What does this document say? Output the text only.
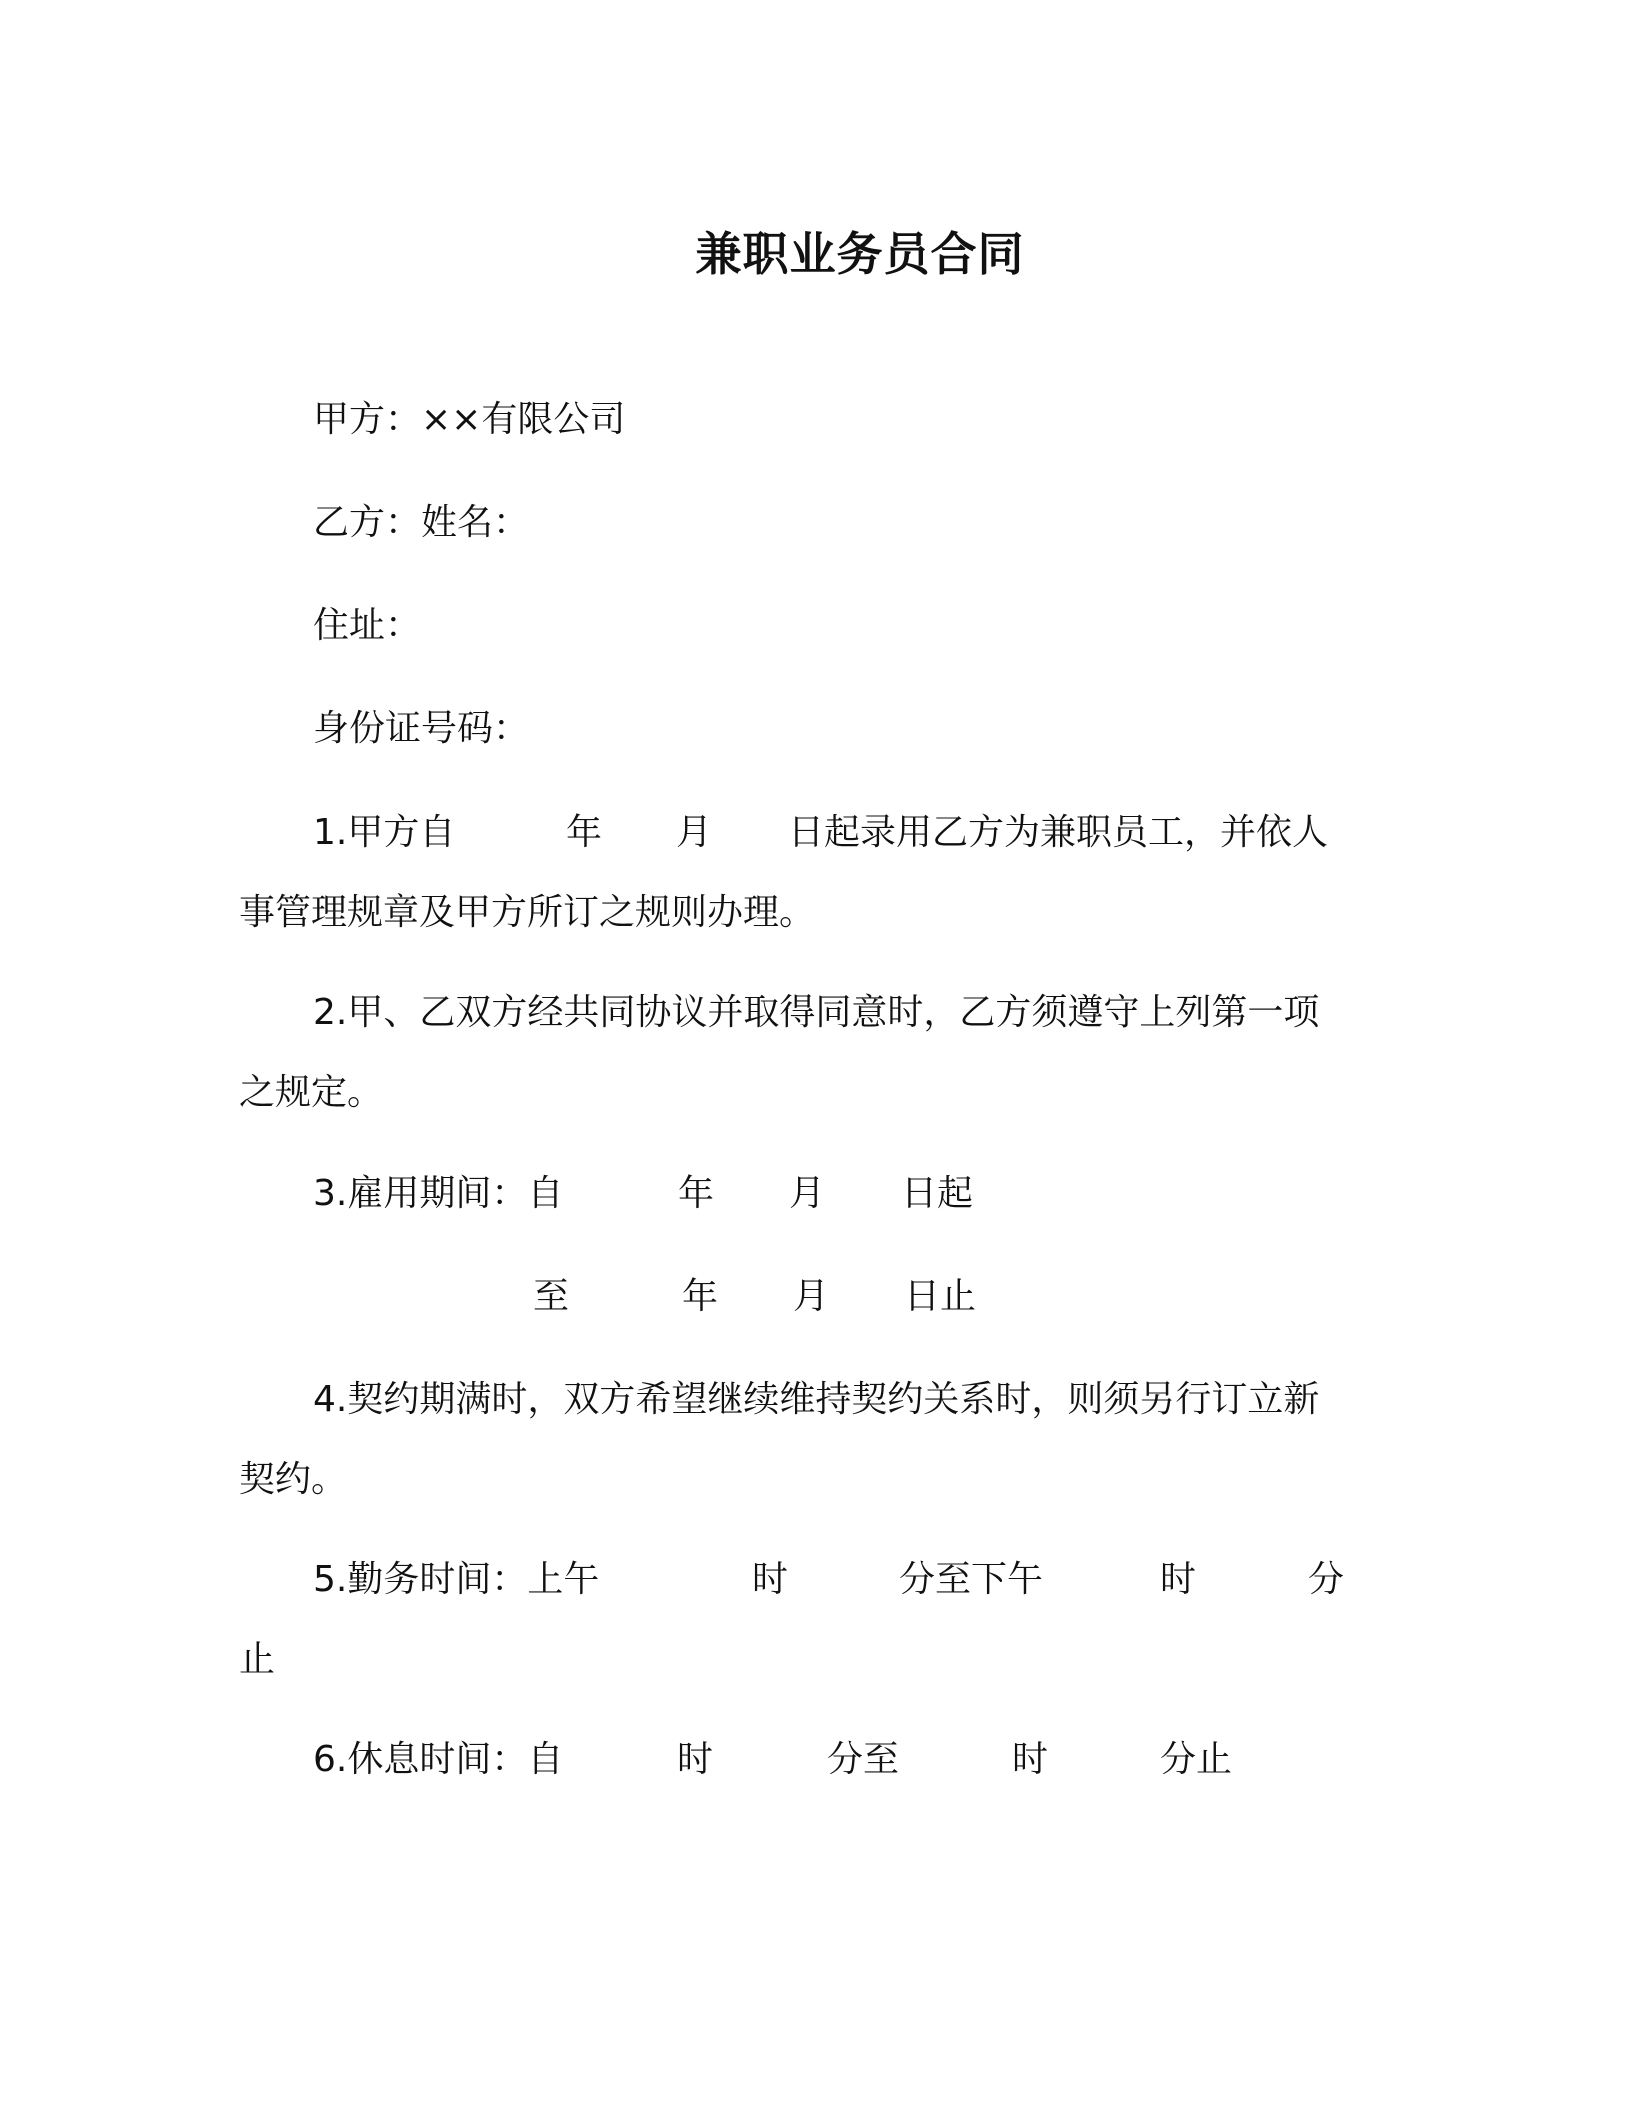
兼职业务员合同
甲方：××有限公司
乙方：姓名：
住址：
身份证号码：
1.甲方自	年 月 日起录用乙方为兼职员工，并依人
事管理规章及甲方所订之规则办理。
2.甲、乙双方经共同协议并取得同意时，乙方须遵守上列第一项
之规定。
3.雇用期间：自	年 月 日起
至	年 月 日止
4.契约期满时，双方希望继续维持契约关系时，则须另行订立新
契约。
5.勤务时间：上午	时	分至下午	时	分
止
6.休息时间：自	时	分至	时	分止
